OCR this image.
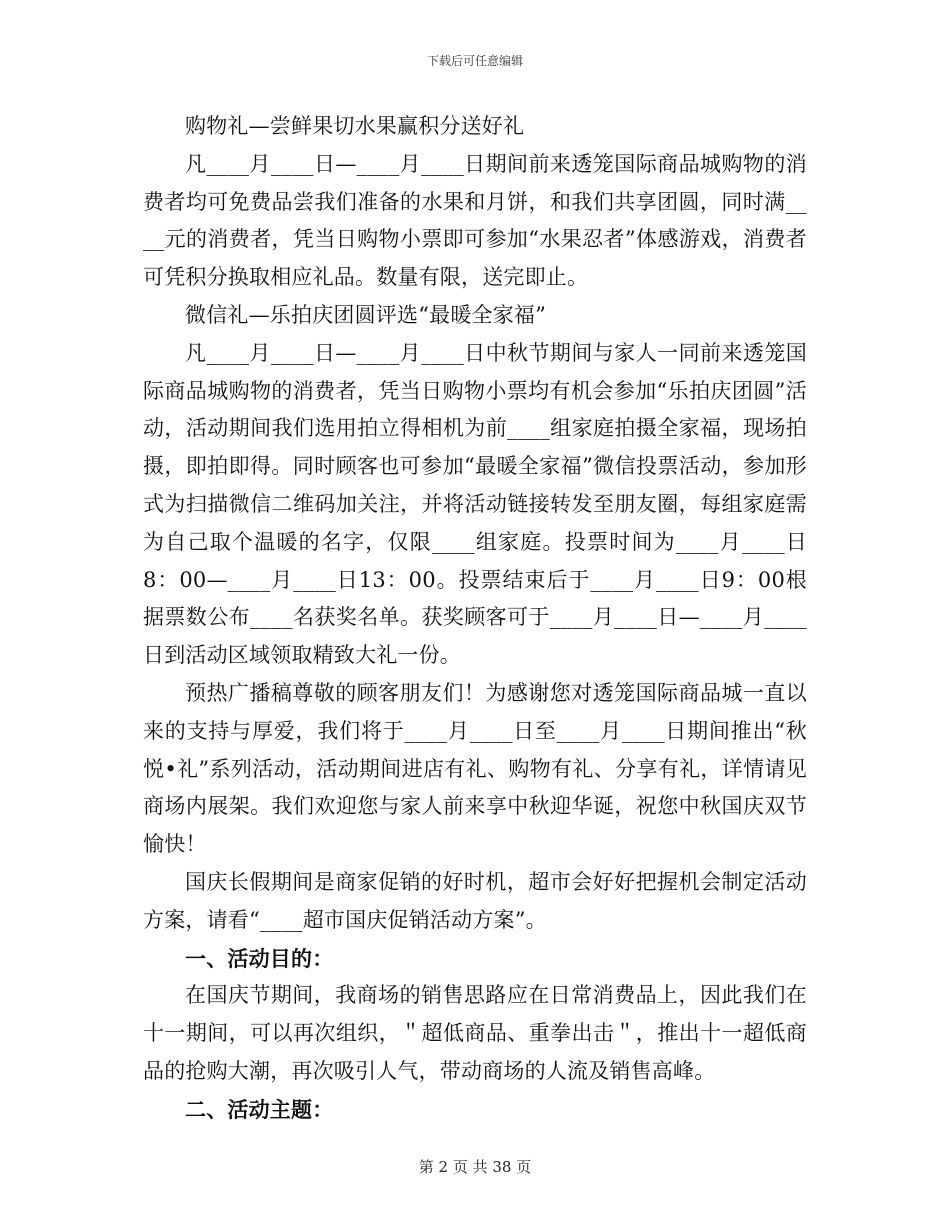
下载后可任意编辑

购物礼—尝鲜果切水果赢积分送好礼

凡____月____日—____月____日期间前来透笼国际商品城购物的消费者均可免费品尝我们准备的水果和月饼，和我们共享团圆，同时满____元的消费者，凭当日购物小票即可参加“水果忍者”体感游戏，消费者可凭积分换取相应礼品。数量有限，送完即止。

微信礼—乐拍庆团圆评选“最暖全家福”

凡____月____日—____月____日中秋节期间与家人一同前来透笼国际商品城购物的消费者，凭当日购物小票均有机会参加“乐拍庆团圆”活动，活动期间我们选用拍立得相机为前____组家庭拍摄全家福，现场拍摄，即拍即得。同时顾客也可参加“最暖全家福”微信投票活动，参加形式为扫描微信二维码加关注，并将活动链接转发至朋友圈，每组家庭需为自己取个温暖的名字，仅限____组家庭。投票时间为____月____日8：00—____月____日13：00。投票结束后于____月____日9：00根据票数公布____名获奖名单。获奖顾客可于____月____日—____月____日到活动区域领取精致大礼一份。

预热广播稿尊敬的顾客朋友们！为感谢您对透笼国际商品城一直以来的支持与厚爱，我们将于____月____日至____月____日期间推出“秋悦•礼”系列活动，活动期间进店有礼、购物有礼、分享有礼，详情请见商场内展架。我们欢迎您与家人前来享中秋迎华诞，祝您中秋国庆双节愉快！

国庆长假期间是商家促销的好时机，超市会好好把握机会制定活动方案，请看“____超市国庆促销活动方案”。

一、活动目的：

在国庆节期间，我商场的销售思路应在日常消费品上，因此我们在十一期间，可以再次组织，＂超低商品、重拳出击＂，推出十一超低商品的抢购大潮，再次吸引人气，带动商场的人流及销售高峰。

二、活动主题：

第 2 页 共 38 页
